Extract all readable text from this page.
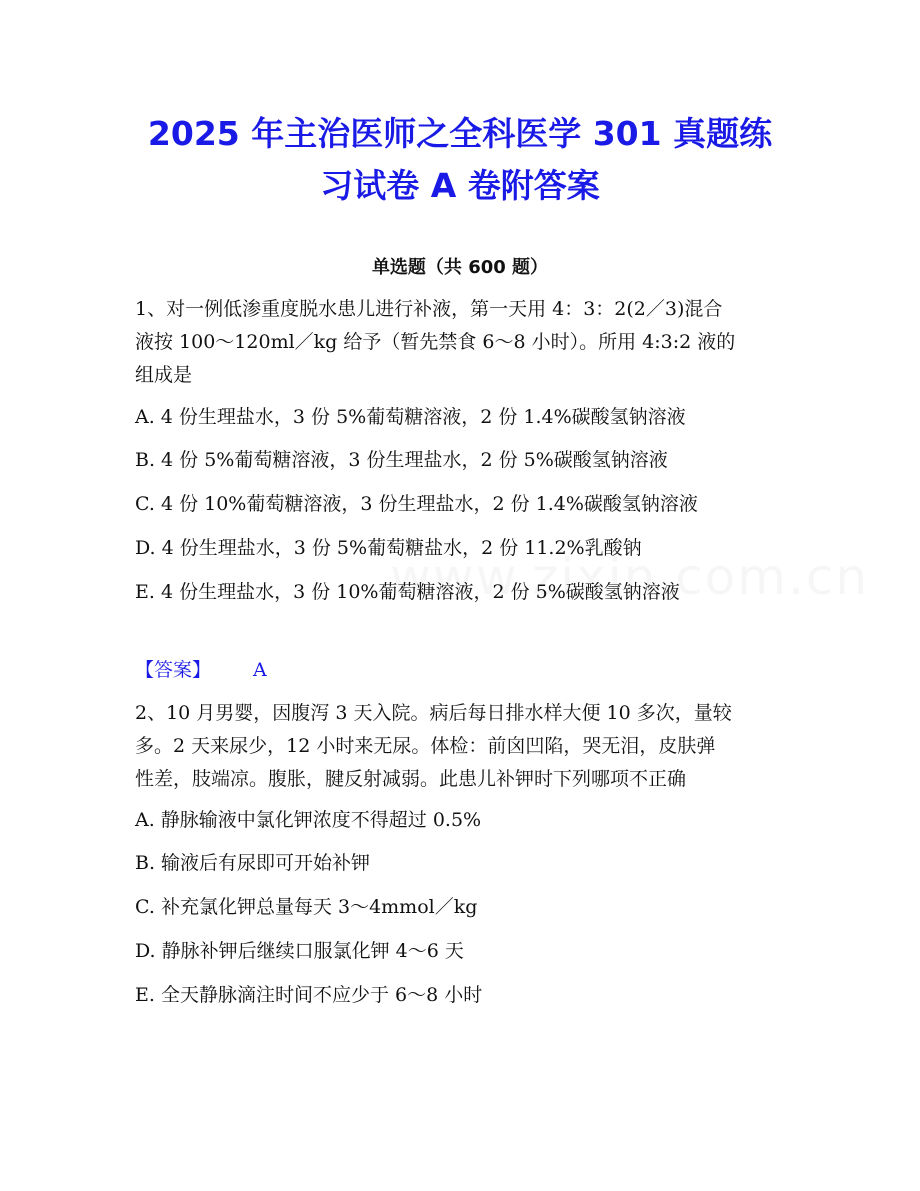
2025 年主治医师之全科医学 301 真题练
习试卷 A 卷附答案
单选题（共 600 题）
1、对一例低渗重度脱水患儿进行补液，第一天用 4：3：2(2／3)混合
液按 100～120ml／kg 给予（暂先禁食 6～8 小时）。所用 4:3:2 液的
组成是
A. 4 份生理盐水，3 份 5%葡萄糖溶液，2 份 1.4%碳酸氢钠溶液
B. 4 份 5%葡萄糖溶液，3 份生理盐水，2 份 5%碳酸氢钠溶液
C. 4 份 10%葡萄糖溶液，3 份生理盐水，2 份 1.4%碳酸氢钠溶液
D. 4 份生理盐水，3 份 5%葡萄糖盐水，2 份 11.2%乳酸钠
E. 4 份生理盐水，3 份 10%葡萄糖溶液，2 份 5%碳酸氢钠溶液
【答案】 A
2、10 月男婴，因腹泻 3 天入院。病后每日排水样大便 10 多次，量较
多。2 天来尿少，12 小时来无尿。体检：前囟凹陷，哭无泪，皮肤弹
性差，肢端凉。腹胀，腱反射减弱。此患儿补钾时下列哪项不正确
A. 静脉输液中氯化钾浓度不得超过 0.5%
B. 输液后有尿即可开始补钾
C. 补充氯化钾总量每天 3～4mmol／kg
D. 静脉补钾后继续口服氯化钾 4～6 天
E. 全天静脉滴注时间不应少于 6～8 小时
